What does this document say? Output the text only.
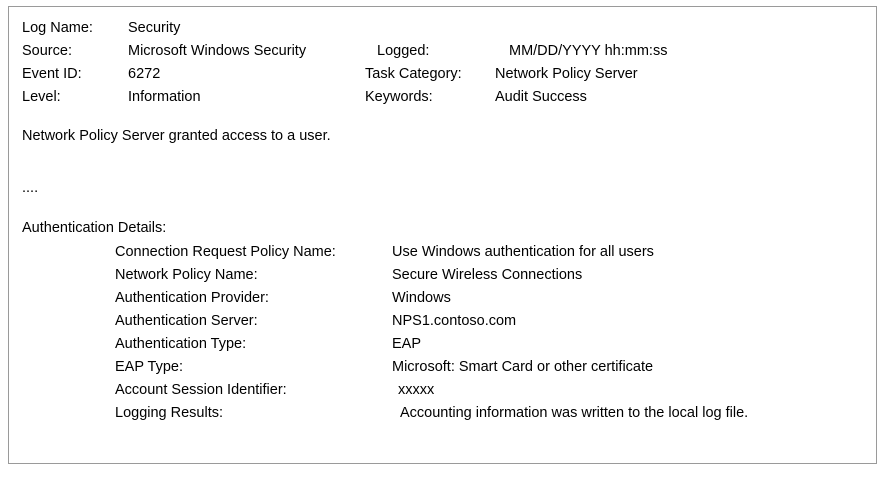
Log Name: Security
Source:	Microsoft Windows Security	Logged:	MM/DD/YYYY hh:mm:ss
Event ID:	6272	Task Category: Network Policy Server
Level:	Information	Keywords:	Audit Success
Network Policy Server granted access to a user.
....
Authentication Details:
Connection Request Policy Name:	Use Windows authentication for all users
Network Policy Name:	Secure Wireless Connections
Authentication Provider:	Windows
Authentication Server:	NPS1.contoso.com
Authentication Type:	EAP
EAP Type:	Microsoft: Smart Card or other certificate
Account Session Identifier:	xxxxx
Logging Results:	Accounting information was written to the local log file.
